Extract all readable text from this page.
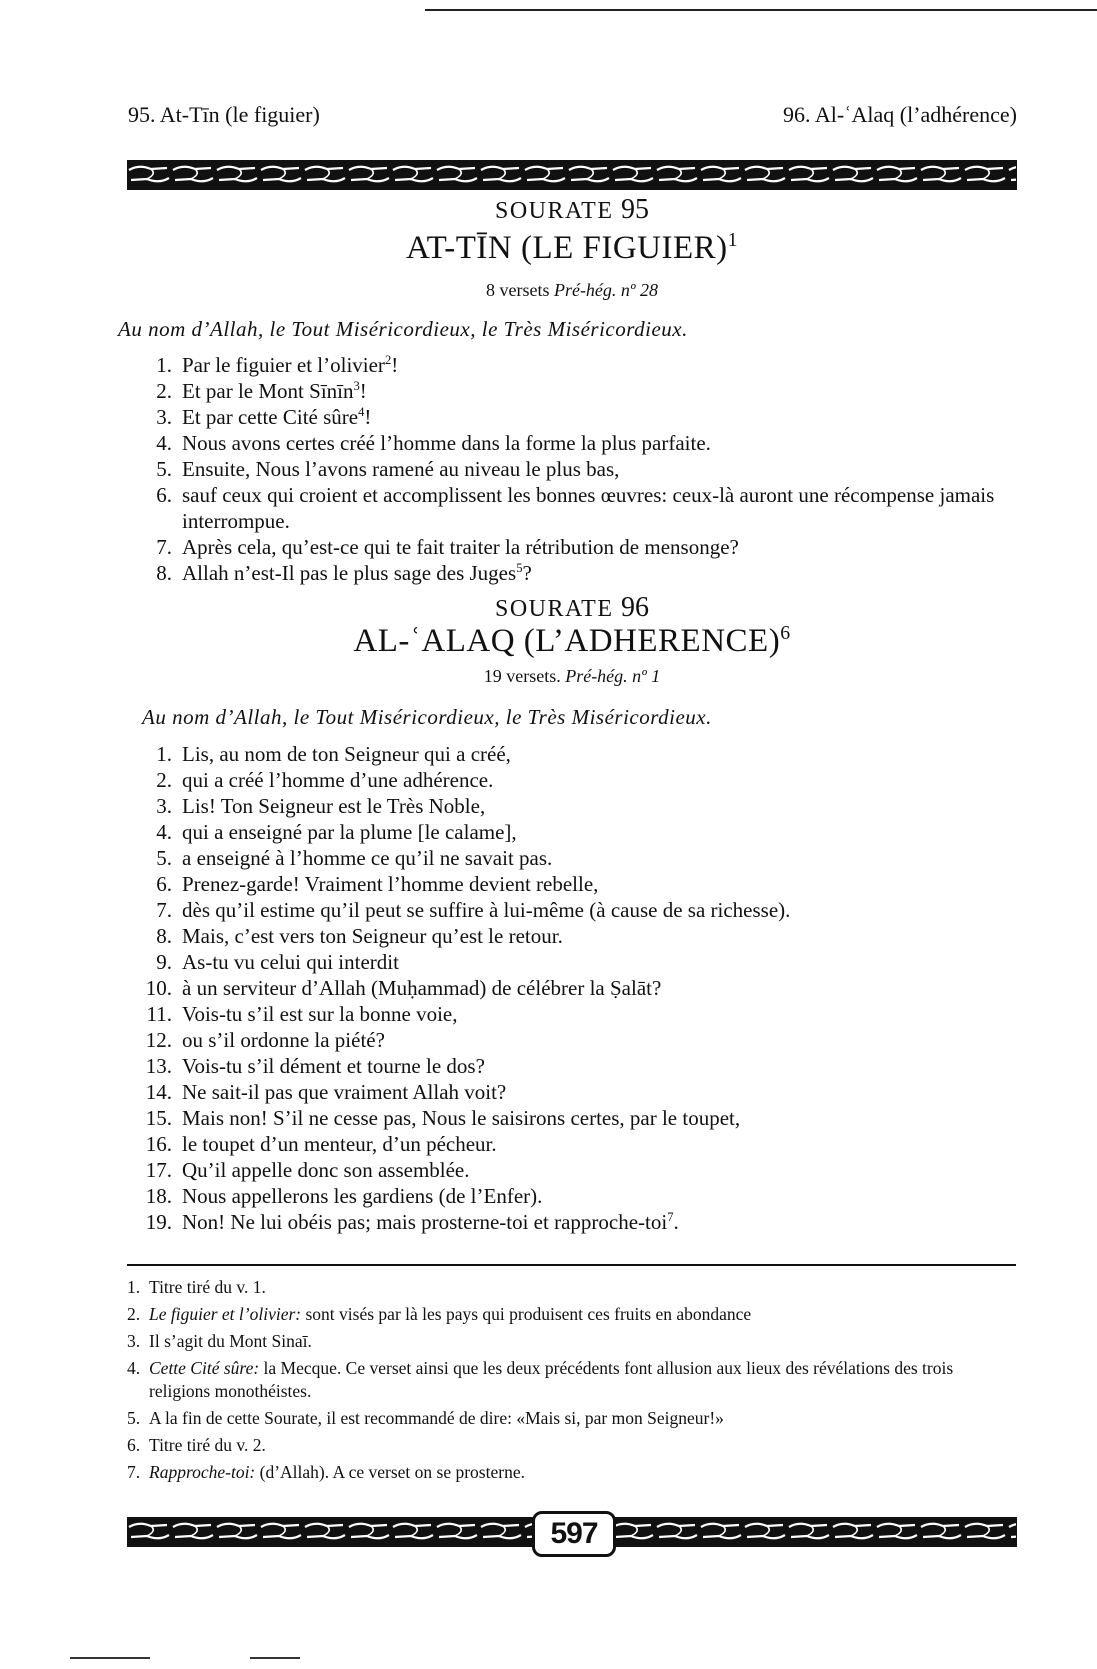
95. At-Tīn (le figuier)	96. Al-ʿAlaq (l’adhérence)
SOURATE 95
AT-TĪN (LE FIGUIER)$^1$
8 versets Pré-hég. nº 28
Au nom d’Allah, le Tout Miséricordieux, le Très Miséricordieux.
1. Par le figuier et l’olivier$^2$!
2. Et par le Mont Sīnīn$^3$!
3. Et par cette Cité sûre$^4$!
4. Nous avons certes créé l’homme dans la forme la plus parfaite.
5. Ensuite, Nous l’avons ramené au niveau le plus bas,
6. sauf ceux qui croient et accomplissent les bonnes œuvres: ceux-là auront une récompense jamais interrompue.
7. Après cela, qu’est-ce qui te fait traiter la rétribution de mensonge?
8. Allah n’est-Il pas le plus sage des Juges$^5$?
SOURATE 96
AL-ʿALAQ (L’ADHERENCE)$^6$
19 versets. Pré-hég. nº 1
Au nom d’Allah, le Tout Miséricordieux, le Très Miséricordieux.
1. Lis, au nom de ton Seigneur qui a créé,
2. qui a créé l’homme d’une adhérence.
3. Lis! Ton Seigneur est le Très Noble,
4. qui a enseigné par la plume [le calame],
5. a enseigné à l’homme ce qu’il ne savait pas.
6. Prenez-garde! Vraiment l’homme devient rebelle,
7. dès qu’il estime qu’il peut se suffire à lui-même (à cause de sa richesse).
8. Mais, c’est vers ton Seigneur qu’est le retour.
9. As-tu vu celui qui interdit
10. à un serviteur d’Allah (Muḥammad) de célébrer la Ṣalāt?
11. Vois-tu s’il est sur la bonne voie,
12. ou s’il ordonne la piété?
13. Vois-tu s’il dément et tourne le dos?
14. Ne sait-il pas que vraiment Allah voit?
15. Mais non! S’il ne cesse pas, Nous le saisirons certes, par le toupet,
16. le toupet d’un menteur, d’un pécheur.
17. Qu’il appelle donc son assemblée.
18. Nous appellerons les gardiens (de l’Enfer).
19. Non! Ne lui obéis pas; mais prosterne-toi et rapproche-toi$^7$.
1. Titre tiré du v. 1.
2. Le figuier et l’olivier: sont visés par là les pays qui produisent ces fruits en abondance
3. Il s’agit du Mont Sinaī.
4. Cette Cité sûre: la Mecque. Ce verset ainsi que les deux précédents font allusion aux lieux des révélations des trois religions monothéistes.
5. A la fin de cette Sourate, il est recommandé de dire: «Mais si, par mon Seigneur!»
6. Titre tiré du v. 2.
7. Rapproche-toi: (d’Allah). A ce verset on se prosterne.
597
